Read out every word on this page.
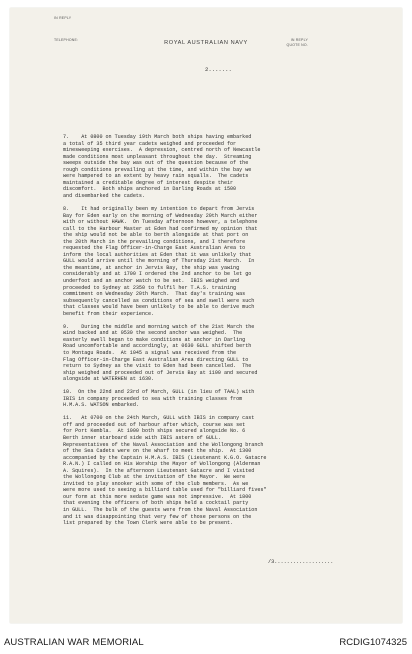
IN REPLY
TELEPHONE:	ROYAL AUSTRALIAN NAVY	IN REPLY
QUOTE NO.
2.......

7.    At 0800 on Tuesday 19th March both ships having embarked

a total of 35 third year cadets weighed and proceeded for

minesweeping exercises.  A depression, centred north of Newcastle

made conditions most unpleasant throughout the day.  Streaming

sweeps outside the bay was out of the question because of the

rough conditions prevailing at the time, and within the bay we

were hampered to an extent by heavy rain squalls.  The cadets

maintained a creditable degree of interest despite their

discomfort.  Both ships anchored in Darling Roads at 1500

and disembarked the cadets.

8.    It had originally been my intention to depart from Jervis

Bay for Eden early on the morning of Wednesday 20th March either

with or without HAWK.  On Tuesday afternoon however, a telephone

call to the Harbour Master at Eden had confirmed my opinion that

the ship would not be able to berth alongside at that port on

the 20th March in the prevailing conditions, and I therefore

requested the Flag Officer-in-Charge East Australian Area to

inform the local authorities at Eden that it was unlikely that

GULL would arrive until the morning of Thursday 21st March.  In

the meantime, at anchor in Jervis Bay, the ship was yawing

considerably and at 1700 I ordered the 2nd anchor to be let go

underfoot and an anchor watch to be set.  IBIS weighed and

proceeded to Sydney at 2350 to fulfil her T.A.S. training

commitment on Wednesday 20th March.  That day's training was

subsequently cancelled as conditions of sea and swell were such

that classes would have been unlikely to be able to derive much

benefit from their experience.

9.    During the middle and morning watch of the 21st March the

wind backed and at 0530 the second anchor was weighed.  The

easterly swell began to make conditions at anchor in Darling

Road uncomfortable and accordingly, at 0630 GULL shifted berth

to Montagu Roads.  At 1045 a signal was received from the

Flag Officer-in-Charge East Australian Area directing GULL to

return to Sydney as the visit to Eden had been cancelled.  The

ship weighed and proceeded out of Jervis Bay at 1100 and secured

alongside at WATERHEN at 1630.

10.  On the 22nd and 23rd of March, GULL (in lieu of TAAL) with

IBIS in company proceeded to sea with training classes from

H.M.A.S. WATSON embarked.

11.   At 0700 on the 24th March, GULL with IBIS in company cast

off and proceeded out of harbour after which, course was set

for Port Kembla.  At 1000 both ships secured alongside No. 6

Berth inner starboard side with IBIS astern of GULL.

Representatives of the Naval Association and the Wollongong branch

of the Sea Cadets were on the wharf to meet the ship.  At 1300

accompanied by the Captain H.M.A.S. IBIS (Lieutenant K.G.O. Gatacre

R.A.N.) I called on His Worship the Mayor of Wollongong (Alderman

A. Squires).  In the afternoon Lieutenant Gatacre and I visited

the Wollongong Club at the invitation of the Mayor.  We were

invited to play snooker with some of the club members.  As we

were more used to seeing a billiard table used for "billiard fives"

our form at this more sedate game was not impressive.  At 1800

that evening the officers of both ships held a cocktail party

in GULL.  The bulk of the guests were from the Naval Association

and it was disappointing that very few of those persons on the

list prepared by the Town Clerk were able to be present.

/3...................
AUSTRALIAN WAR MEMORIAL	RCDIG1074325
